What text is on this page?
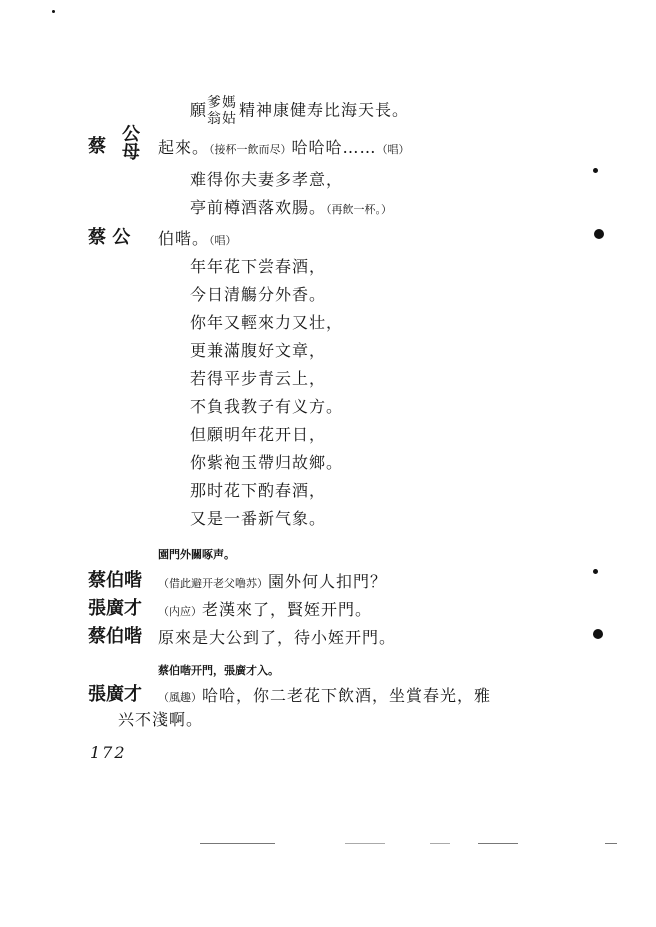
願 爹媽
翁姑 精神康健寿比海天長。
蔡
公
母 起來。（接杯一飲而尽）哈哈哈……（唱）
难得你夫妻多孝意，
亭前樽酒落欢腸。（再飲一杯。）
蔡 公 伯喈。（唱）
年年花下尝春酒，
今日清觴分外香。
你年又輕來力又壮，
更兼滿腹好文章，
若得平步青云上，
不負我教子有义方。
但願明年花开日，
你紫袍玉帶归故鄉。
那时花下酌春酒，
又是一番新气象。
園門外關啄声。
蔡伯喈 （借此避开老父噜苏）園外何人扣門？
張廣才 （内应）老漢來了，賢姪开門。
蔡伯喈 原來是大公到了，待小姪开門。
蔡伯喈开門，張廣才入。
張廣才 （風趣）哈哈，你二老花下飲酒，坐賞春光，雅
兴不淺啊。
172
